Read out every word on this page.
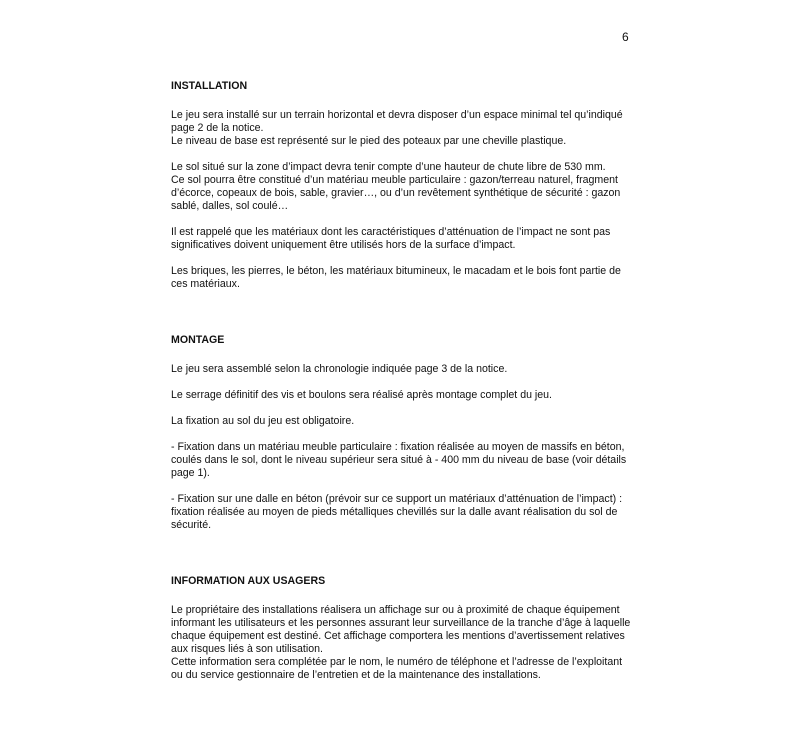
6
INSTALLATION

Le jeu sera installé sur un terrain horizontal et devra disposer d’un espace minimal tel qu’indiqué page 2 de la notice.
Le niveau de base est représenté sur le pied des poteaux par une cheville plastique.

Le sol situé sur la zone d’impact devra tenir compte d’une hauteur de chute libre de 530 mm.
Ce sol pourra être constitué d’un matériau meuble particulaire : gazon/terreau naturel, fragment d’écorce, copeaux de bois, sable, gravier…, ou d’un revêtement synthétique de sécurité : gazon sablé, dalles, sol coulé…

Il est rappelé que les matériaux dont les caractéristiques d’atténuation de l’impact ne sont pas significatives doivent uniquement être utilisés hors de la surface d’impact.

Les briques, les pierres, le béton, les matériaux bitumineux, le macadam et le bois font partie de ces matériaux.

MONTAGE

Le jeu sera assemblé selon la chronologie indiquée page 3 de la notice.

Le serrage définitif des vis et boulons sera réalisé après montage complet du jeu.

La fixation au sol du jeu est obligatoire.

- Fixation dans un matériau meuble particulaire : fixation réalisée au moyen de massifs en béton, coulés dans le sol, dont le niveau supérieur sera situé à - 400 mm du niveau de base (voir détails page 1).

- Fixation sur une dalle en béton (prévoir sur ce support un matériaux d’atténuation de l’impact) : fixation réalisée au moyen de pieds métalliques chevillés sur la dalle avant réalisation du sol de sécurité.

INFORMATION AUX USAGERS

Le propriétaire des installations réalisera un affichage sur ou à proximité de chaque équipement informant les utilisateurs et les personnes assurant leur surveillance de la tranche d’âge à laquelle chaque équipement est destiné. Cet affichage comportera les mentions d’avertissement relatives aux risques liés à son utilisation.
Cette information sera complétée par le nom, le numéro de téléphone et l’adresse de l’exploitant ou du service gestionnaire de l’entretien et de la maintenance des installations.
